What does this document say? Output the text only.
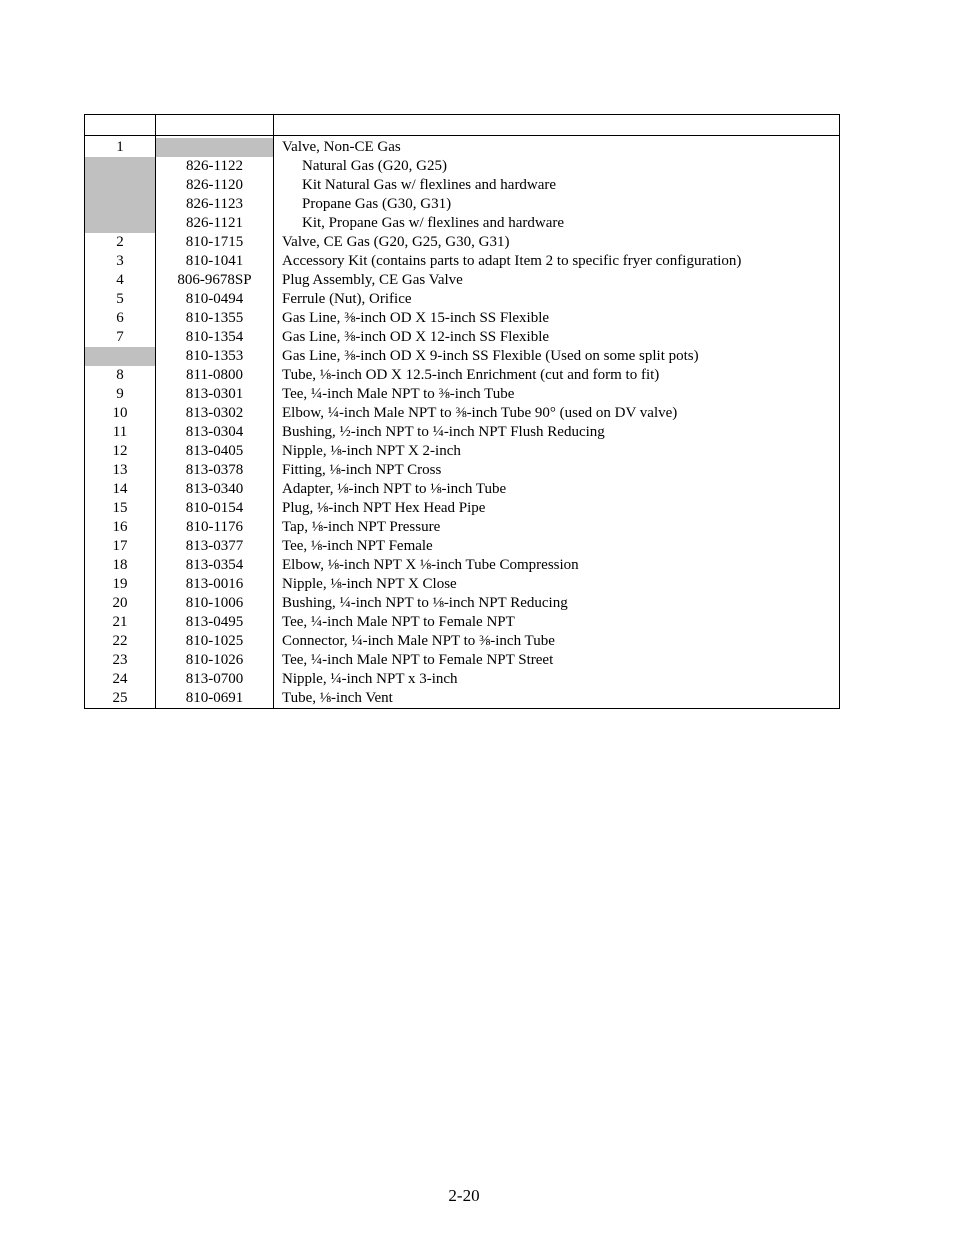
1		Valve, Non-CE Gas
	826-1122	Natural Gas (G20, G25)
	826-1120	Kit Natural Gas w/ flexlines and hardware
	826-1123	Propane Gas (G30, G31)
	826-1121	Kit, Propane Gas w/ flexlines and hardware
2	810-1715	Valve, CE Gas (G20, G25, G30, G31)
3	810-1041	Accessory Kit (contains parts to adapt Item 2 to specific fryer configuration)
4	806-9678SP	Plug Assembly, CE Gas Valve
5	810-0494	Ferrule (Nut), Orifice
6	810-1355	Gas Line, ⅜-inch OD X 15-inch SS Flexible
7	810-1354	Gas Line, ⅜-inch OD X 12-inch SS Flexible
	810-1353	Gas Line, ⅜-inch OD X 9-inch SS Flexible (Used on some split pots)
8	811-0800	Tube, ⅛-inch OD X 12.5-inch Enrichment (cut and form to fit)
9	813-0301	Tee, ¼-inch Male NPT to ⅜-inch Tube
10	813-0302	Elbow, ¼-inch Male NPT to ⅜-inch Tube 90° (used on DV valve)
11	813-0304	Bushing, ½-inch NPT to ¼-inch NPT Flush Reducing
12	813-0405	Nipple, ⅛-inch NPT X 2-inch
13	813-0378	Fitting, ⅛-inch NPT Cross
14	813-0340	Adapter, ⅛-inch NPT to ⅛-inch Tube
15	810-0154	Plug, ⅛-inch NPT Hex Head Pipe
16	810-1176	Tap, ⅛-inch NPT Pressure
17	813-0377	Tee, ⅛-inch NPT Female
18	813-0354	Elbow, ⅛-inch NPT X ⅛-inch Tube Compression
19	813-0016	Nipple, ⅛-inch NPT X Close
20	810-1006	Bushing, ¼-inch NPT to ⅛-inch NPT Reducing
21	813-0495	Tee, ¼-inch Male NPT to Female NPT
22	810-1025	Connector, ¼-inch Male NPT to ⅜-inch Tube
23	810-1026	Tee, ¼-inch Male NPT to Female NPT Street
24	813-0700	Nipple, ¼-inch NPT x 3-inch
25	810-0691	Tube, ⅛-inch Vent
2-20
